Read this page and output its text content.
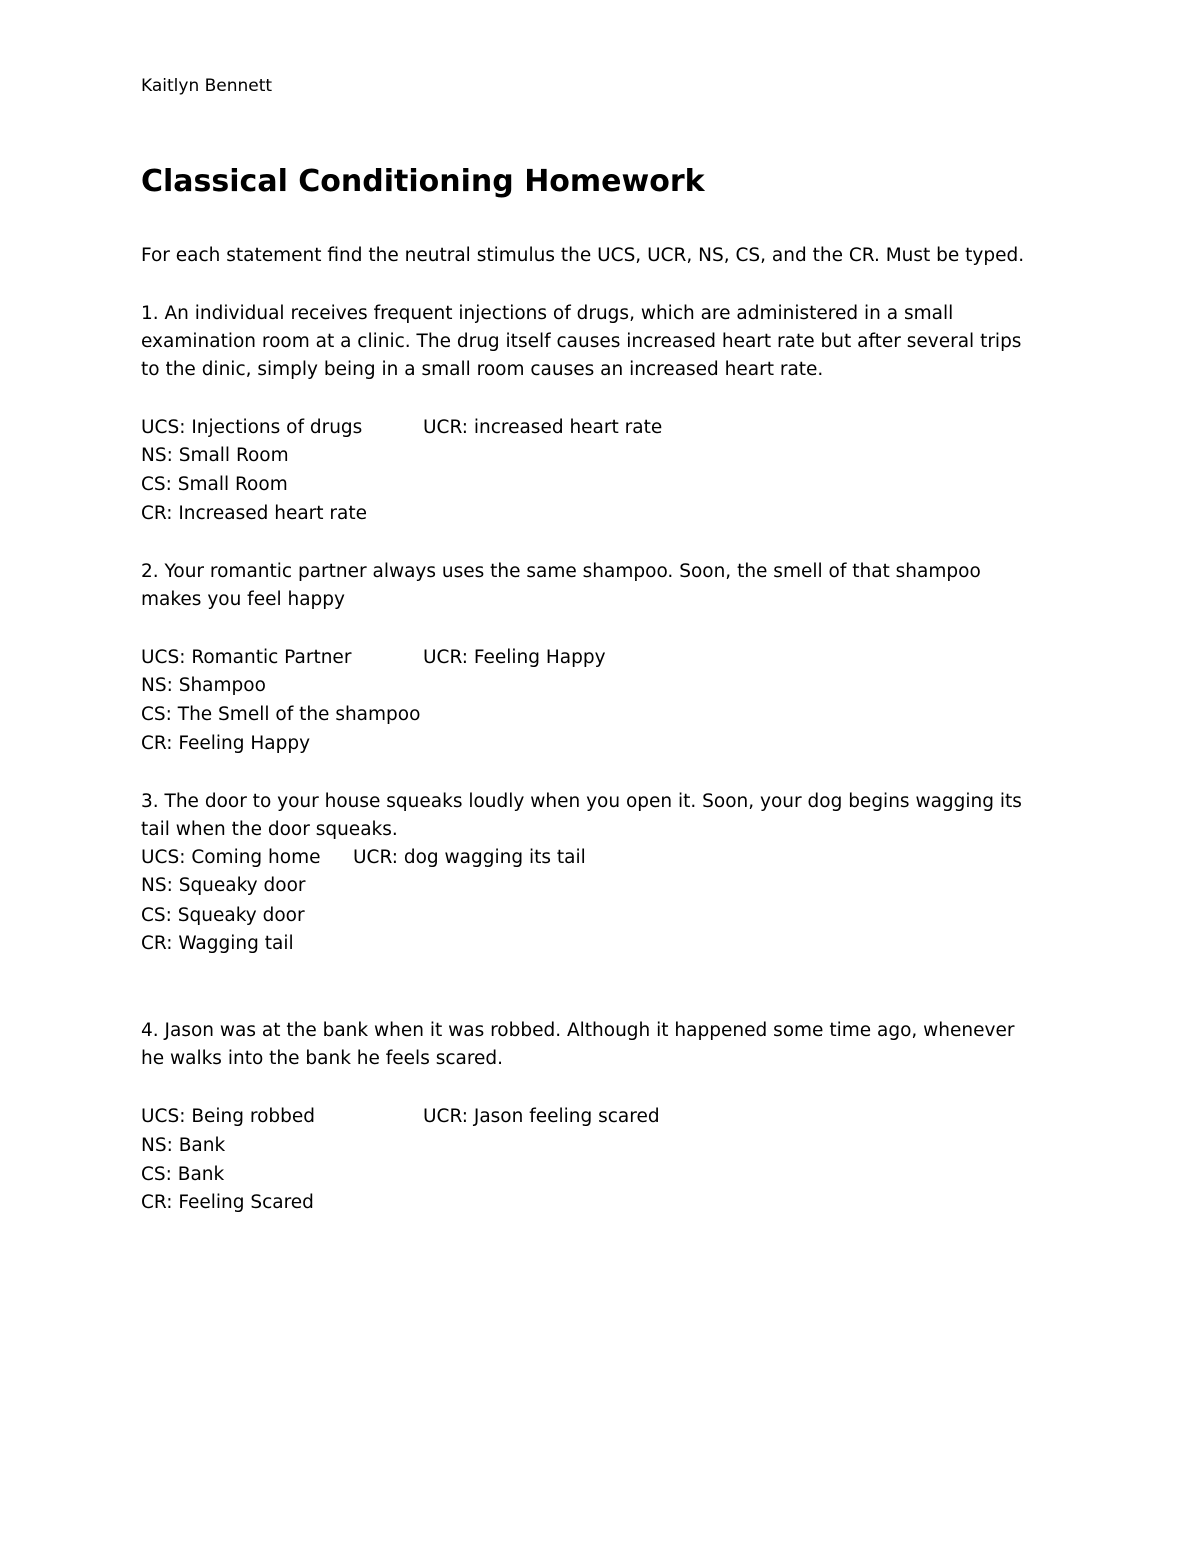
Kaitlyn Bennett
Classical Conditioning Homework
For each statement find the neutral stimulus the UCS, UCR, NS, CS, and the CR. Must be typed.
1. An individual receives frequent injections of drugs, which are administered in a small
examination room at a clinic. The drug itself causes increased heart rate but after several trips
to the dinic, simply being in a small room causes an increased heart rate.
UCS: Injections of drugs	UCR: increased heart rate
NS: Small Room
CS: Small Room
CR: Increased heart rate
2. Your romantic partner always uses the same shampoo. Soon, the smell of that shampoo
makes you feel happy
UCS: Romantic Partner	UCR: Feeling Happy
NS: Shampoo
CS: The Smell of the shampoo
CR: Feeling Happy
3. The door to your house squeaks loudly when you open it. Soon, your dog begins wagging its
tail when the door squeaks.
UCS: Coming home UCR: dog wagging its tail
NS: Squeaky door
CS: Squeaky door
CR: Wagging tail
4. Jason was at the bank when it was robbed. Although it happened some time ago, whenever
he walks into the bank he feels scared.
UCS: Being robbed	UCR: Jason feeling scared
NS: Bank
CS: Bank
CR: Feeling Scared
